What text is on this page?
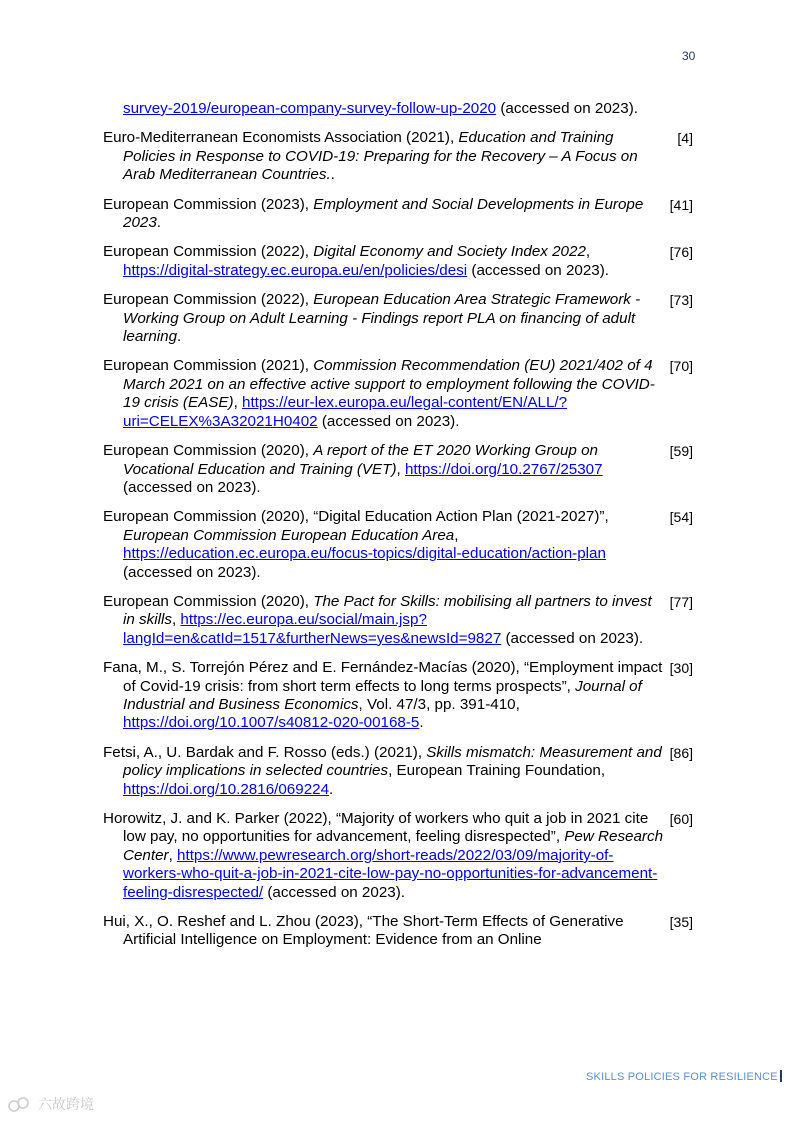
30
survey-2019/european-company-survey-follow-up-2020 (accessed on 2023).
Euro-Mediterranean Economists Association (2021), Education and Training Policies in Response to COVID-19: Preparing for the Recovery – A Focus on Arab Mediterranean Countries..
[4]
European Commission (2023), Employment and Social Developments in Europe 2023.
[41]
European Commission (2022), Digital Economy and Society Index 2022, https://digital-strategy.ec.europa.eu/en/policies/desi (accessed on 2023).
[76]
European Commission (2022), European Education Area Strategic Framework - Working Group on Adult Learning - Findings report PLA on financing of adult learning.
[73]
European Commission (2021), Commission Recommendation (EU) 2021/402 of 4 March 2021 on an effective active support to employment following the COVID-19 crisis (EASE), https://eur-lex.europa.eu/legal-content/EN/ALL/?uri=CELEX%3A32021H0402 (accessed on 2023).
[70]
European Commission (2020), A report of the ET 2020 Working Group on Vocational Education and Training (VET), https://doi.org/10.2767/25307 (accessed on 2023).
[59]
European Commission (2020), “Digital Education Action Plan (2021-2027)”, European Commission European Education Area, https://education.ec.europa.eu/focus-topics/digital-education/action-plan (accessed on 2023).
[54]
European Commission (2020), The Pact for Skills: mobilising all partners to invest in skills, https://ec.europa.eu/social/main.jsp?langId=en&catId=1517&furtherNews=yes&newsId=9827 (accessed on 2023).
[77]
Fana, M., S. Torrejón Pérez and E. Fernández-Macías (2020), “Employment impact of Covid-19 crisis: from short term effects to long terms prospects”, Journal of Industrial and Business Economics, Vol. 47/3, pp. 391-410, https://doi.org/10.1007/s40812-020-00168-5.
[30]
Fetsi, A., U. Bardak and F. Rosso (eds.) (2021), Skills mismatch: Measurement and policy implications in selected countries, European Training Foundation, https://doi.org/10.2816/069224.
[86]
Horowitz, J. and K. Parker (2022), “Majority of workers who quit a job in 2021 cite low pay, no opportunities for advancement, feeling disrespected”, Pew Research Center, https://www.pewresearch.org/short-reads/2022/03/09/majority-of-workers-who-quit-a-job-in-2021-cite-low-pay-no-opportunities-for-advancement-feeling-disrespected/ (accessed on 2023).
[60]
Hui, X., O. Reshef and L. Zhou (2023), “The Short-Term Effects of Generative Artificial Intelligence on Employment: Evidence from an Online
[35]
SKILLS POLICIES FOR RESILIENCE
六故跨境
